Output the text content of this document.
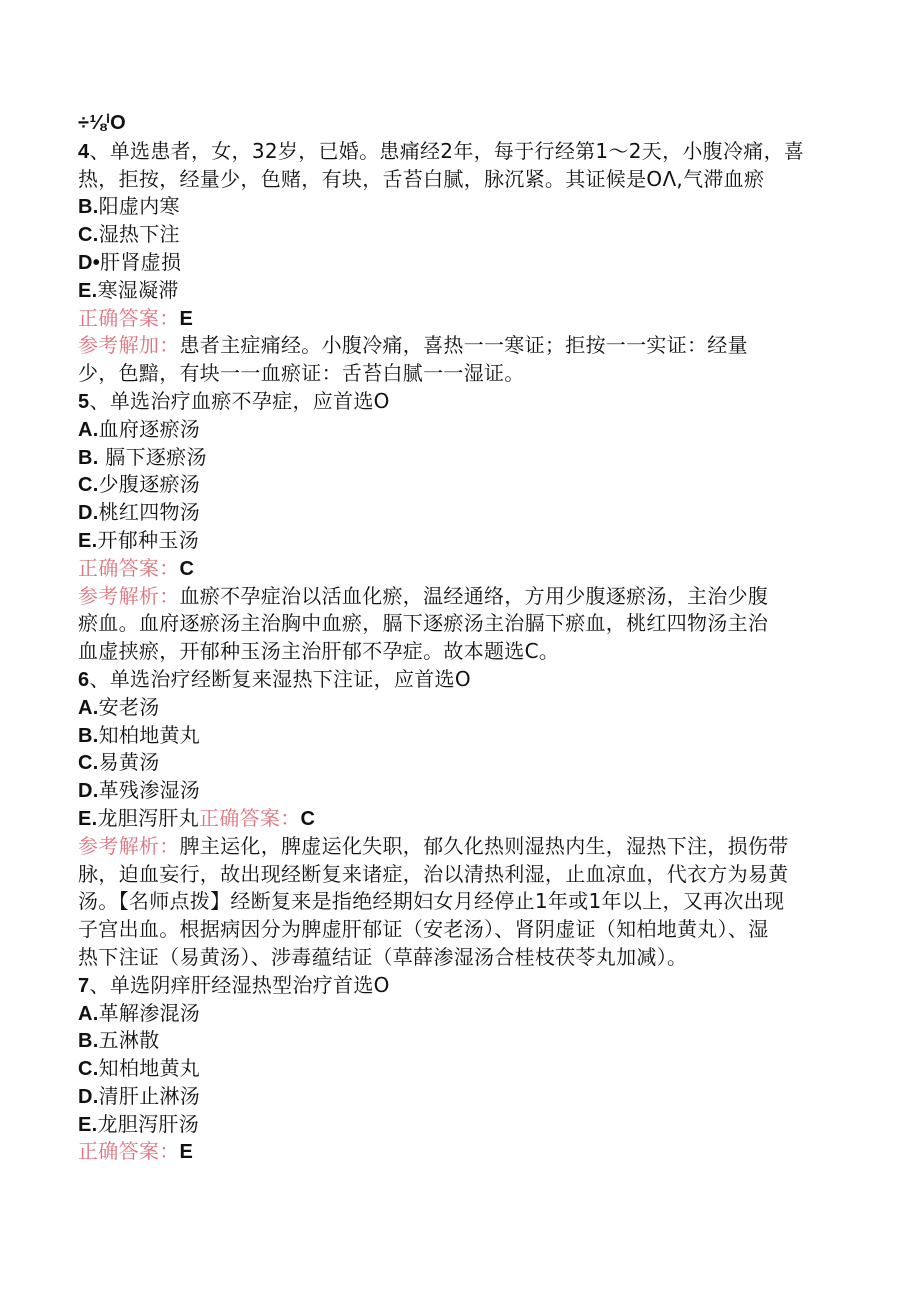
÷⅛ⁱO
4、单选患者，女，32岁，已婚。患痛经2年，每于行经第1～2天，小腹冷痛，喜
热，拒按，经量少，色赌，有块，舌苔白腻，脉沉紧。其证候是OΛ,气滞血瘀
B.阳虚内寒
C.湿热下注
D•肝肾虚损
E.寒湿凝滞
正确答案：E
参考解加：患者主症痛经。小腹冷痛，喜热一一寒证；拒按一一实证：经量
少，色黯，有块一一血瘀证：舌苔白腻一一湿证。
5、单选治疗血瘀不孕症，应首选O
A.血府逐瘀汤
B. 膈下逐瘀汤
C.少腹逐瘀汤
D.桃红四物汤
E.开郁种玉汤
正确答案：C
参考解析：血瘀不孕症治以活血化瘀，温经通络，方用少腹逐瘀汤，主治少腹
瘀血。血府逐瘀汤主治胸中血瘀，膈下逐瘀汤主治膈下瘀血，桃红四物汤主治
血虚挟瘀，开郁种玉汤主治肝郁不孕症。故本题选C。
6、单选治疗经断复来湿热下注证，应首选O
A.安老汤
B.知柏地黄丸
C.易黄汤
D.革残渗湿汤
E.龙胆泻肝丸正确答案：C
参考解析：脾主运化，脾虚运化失职，郁久化热则湿热内生，湿热下注，损伤带
脉，迫血妄行，故出现经断复来诸症，治以清热利湿，止血凉血，代衣方为易黄
汤。【名师点拨】经断复来是指绝经期妇女月经停止1年或1年以上，又再次出现
子宫出血。根据病因分为脾虚肝郁证（安老汤）、肾阴虚证（知柏地黄丸）、湿
热下注证（易黄汤）、涉毒蕴结证（草薛渗湿汤合桂枝茯苓丸加减）。
7、单选阴痒肝经湿热型治疗首选O
A.革解渗混汤
B.五淋散
C.知柏地黄丸
D.清肝止淋汤
E.龙胆泻肝汤
正确答案：E
